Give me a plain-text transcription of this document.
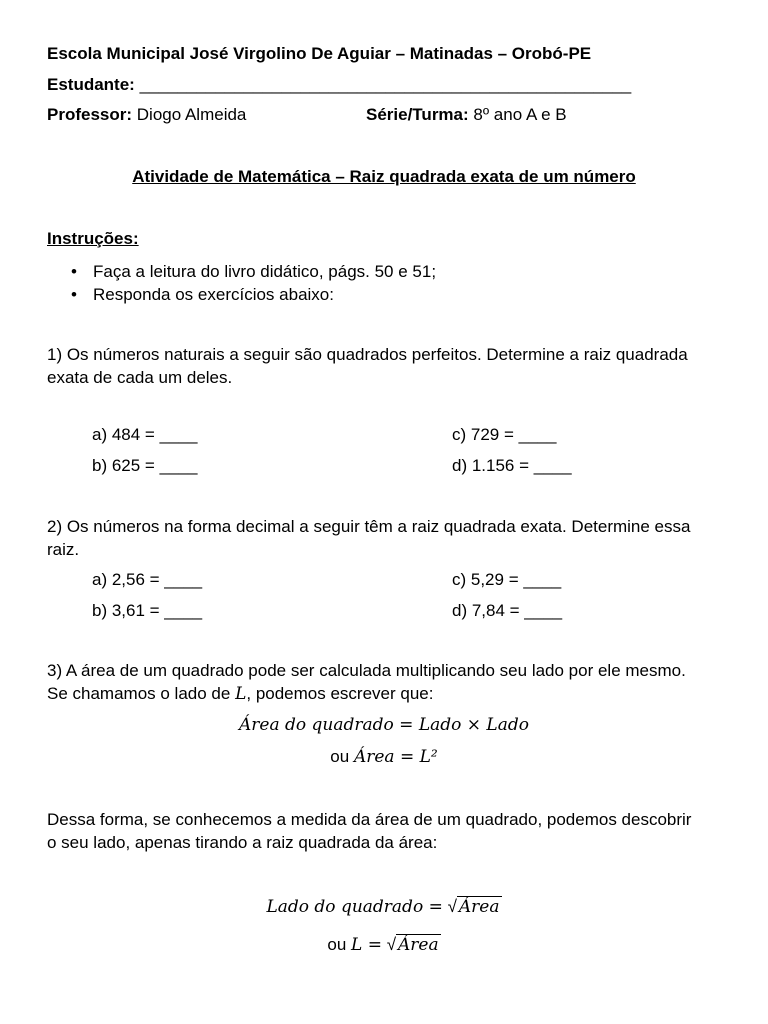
Escola Municipal José Virgolino De Aguiar – Matinadas – Orobó-PE
Estudante: ____________________________________________________
Professor: Diogo Almeida	Série/Turma: 8º ano A e B
Atividade de Matemática – Raiz quadrada exata de um número
Instruções:
• Faça a leitura do livro didático, págs. 50 e 51;
• Responda os exercícios abaixo:
1) Os números naturais a seguir são quadrados perfeitos. Determine a raiz quadrada
exata de cada um deles.
a) 484 = ____	c) 729 = ____
b) 625 = ____	d) 1.156 = ____
2) Os números na forma decimal a seguir têm a raiz quadrada exata. Determine essa
raiz.
a) 2,56 = ____	c) 5,29 = ____
b) 3,61 = ____	d) 7,84 = ____
3) A área de um quadrado pode ser calculada multiplicando seu lado por ele mesmo.
Se chamamos o lado de L, podemos escrever que:
Área do quadrado = Lado × Lado
ou Área = L²
Dessa forma, se conhecemos a medida da área de um quadrado, podemos descobrir
o seu lado, apenas tirando a raiz quadrada da área:
Lado do quadrado = √ Área
ou L = √ Área
